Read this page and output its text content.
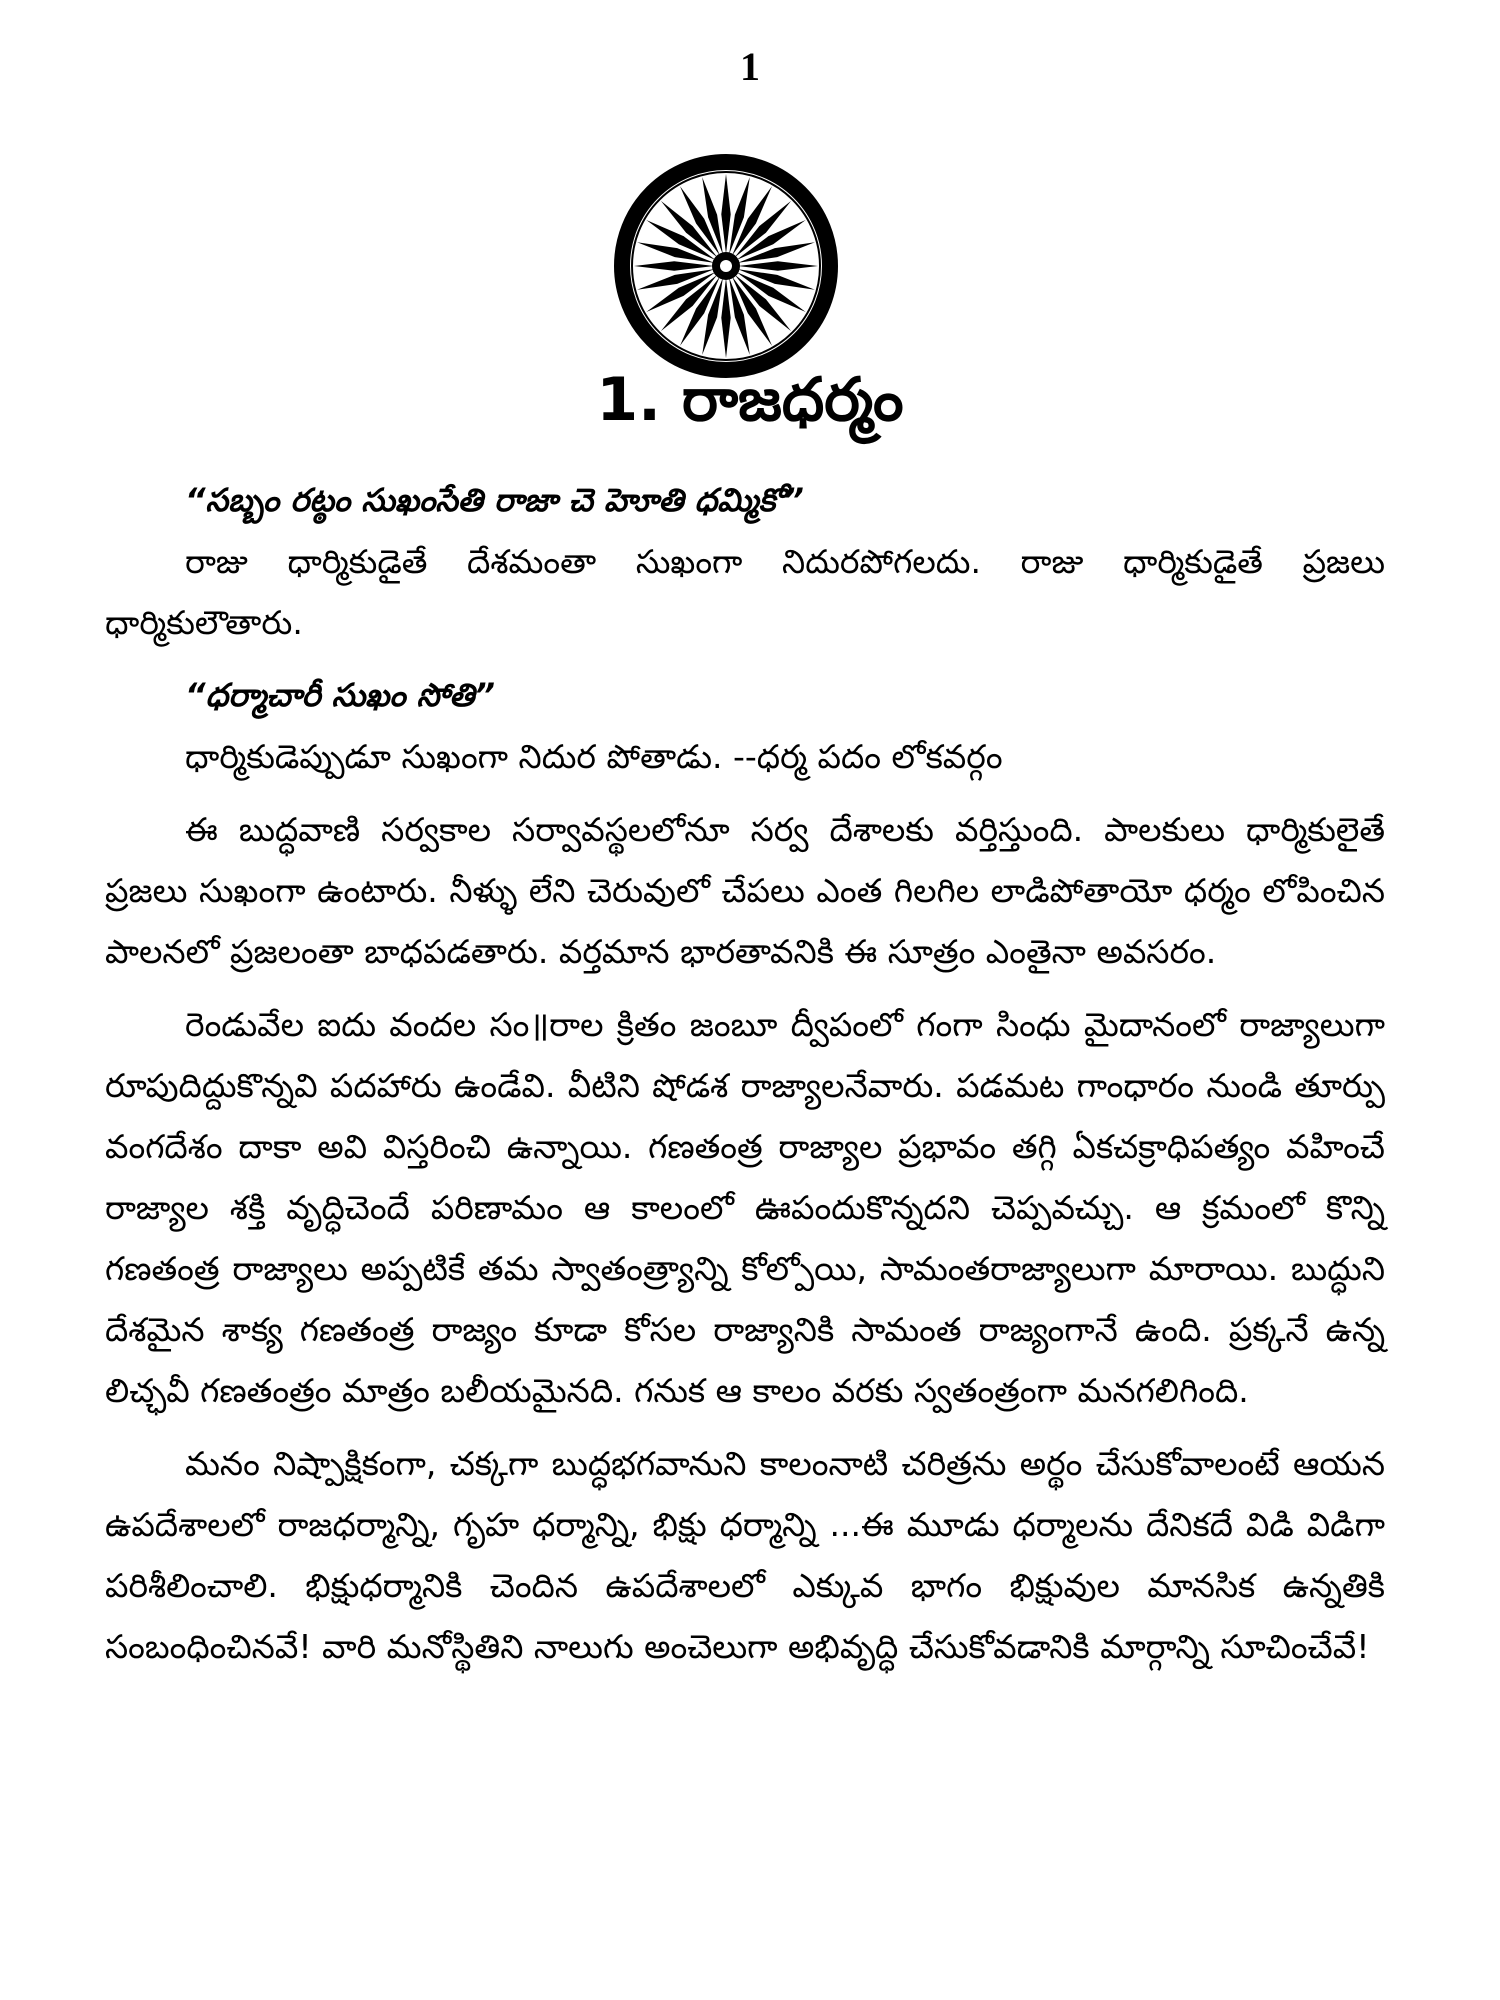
1
1. రాజధర్మం

“సబ్బం రట్ఠం సుఖంసేతి రాజా చె హెూతి ధమ్మికో”

రాజు ధార్మికుడైతే దేశమంతా సుఖంగా నిదురపోగలదు. రాజు ధార్మికుడైతే ప్రజలు ధార్మికులౌతారు.

“ధర్మాచారీ సుఖం సోతి”

ధార్మికుడెప్పుడూ సుఖంగా నిదుర పోతాడు. --ధర్మ పదం లోకవర్గం

ఈ బుద్ధవాణి సర్వకాల సర్వావస్థలలోనూ సర్వ దేశాలకు వర్తిస్తుంది. పాలకులు ధార్మికులైతే ప్రజలు సుఖంగా ఉంటారు. నీళ్ళు లేని చెరువులో చేపలు ఎంత గిలగిల లాడిపోతాయో ధర్మం లోపించిన పాలనలో ప్రజలంతా బాధపడతారు. వర్తమాన భారతావనికి ఈ సూత్రం ఎంతైనా అవసరం.

రెండువేల ఐదు వందల సం॥రాల క్రితం జంబూ ద్వీపంలో గంగా సింధు మైదానంలో రాజ్యాలుగా రూపుదిద్దుకొన్నవి పదహారు ఉండేవి. వీటిని షోడశ రాజ్యాలనేవారు. పడమట గాంధారం నుండి తూర్పు వంగదేశం దాకా అవి విస్తరించి ఉన్నాయి. గణతంత్ర రాజ్యాల ప్రభావం తగ్గి ఏకచక్రాధిపత్యం వహించే రాజ్యాల శక్తి వృద్ధిచెందే పరిణామం ఆ కాలంలో ఊపందుకొన్నదని చెప్పవచ్చు. ఆ క్రమంలో కొన్ని గణతంత్ర రాజ్యాలు అప్పటికే తమ స్వాతంత్ర్యాన్ని కోల్పోయి, సామంతరాజ్యాలుగా మారాయి. బుద్ధుని దేశమైన శాక్య గణతంత్ర రాజ్యం కూడా కోసల రాజ్యానికి సామంత రాజ్యంగానే ఉంది. ప్రక్కనే ఉన్న లిచ్ఛవీ గణతంత్రం మాత్రం బలీయమైనది. గనుక ఆ కాలం వరకు స్వతంత్రంగా మనగలిగింది.

మనం నిష్పాక్షికంగా, చక్కగా బుద్ధభగవానుని కాలంనాటి చరిత్రను అర్థం చేసుకోవాలంటే ఆయన ఉపదేశాలలో రాజధర్మాన్ని, గృహ ధర్మాన్ని, భిక్షు ధర్మాన్ని ...ఈ మూడు ధర్మాలను దేనికదే విడి విడిగా పరిశీలించాలి. భిక్షుధర్మానికి చెందిన ఉపదేశాలలో ఎక్కువ భాగం భిక్షువుల మానసిక ఉన్నతికి సంబంధించినవే! వారి మనోస్థితిని నాలుగు అంచెలుగా అభివృద్ధి చేసుకోవడానికి మార్గాన్ని సూచించేవే!
